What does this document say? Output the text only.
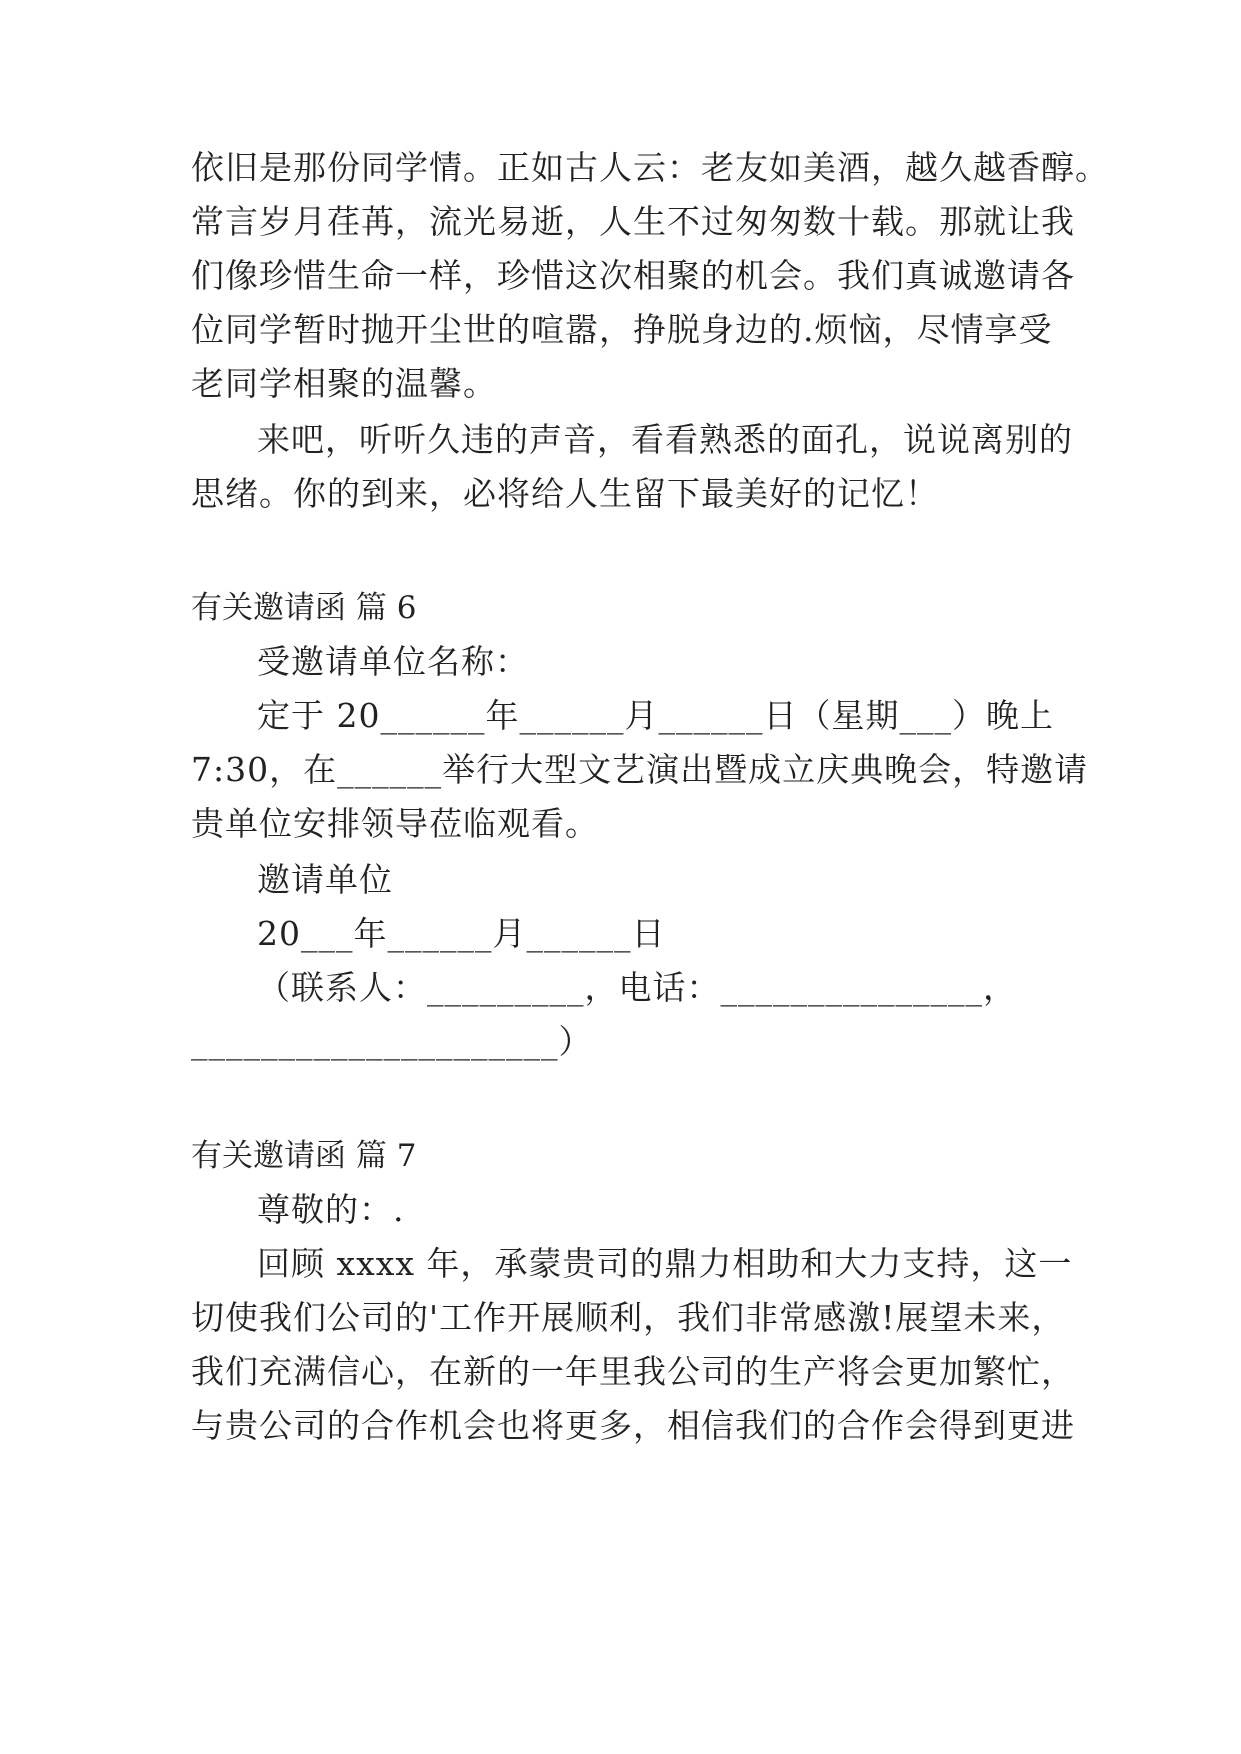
依旧是那份同学情。正如古人云：老友如美酒，越久越香醇。
常言岁月荏苒，流光易逝，人生不过匆匆数十载。那就让我
们像珍惜生命一样，珍惜这次相聚的机会。我们真诚邀请各
位同学暂时抛开尘世的喧嚣，挣脱身边的.烦恼，尽情享受
老同学相聚的温馨。
来吧，听听久违的声音，看看熟悉的面孔，说说离别的
思绪。你的到来，必将给人生留下最美好的记忆！
有关邀请函 篇 6
受邀请单位名称：
定于 20______年______月______日（星期___）晚上
7:30，在______举行大型文艺演出暨成立庆典晚会，特邀请
贵单位安排领导莅临观看。
邀请单位
20___年______月______日
（联系人：_________，电话：_______________，
_____________________）
有关邀请函 篇 7
尊敬的：.
回顾 xxxx 年，承蒙贵司的鼎力相助和大力支持，这一
切使我们公司的'工作开展顺利，我们非常感激!展望未来，
我们充满信心，在新的一年里我公司的生产将会更加繁忙，
与贵公司的合作机会也将更多，相信我们的合作会得到更进
